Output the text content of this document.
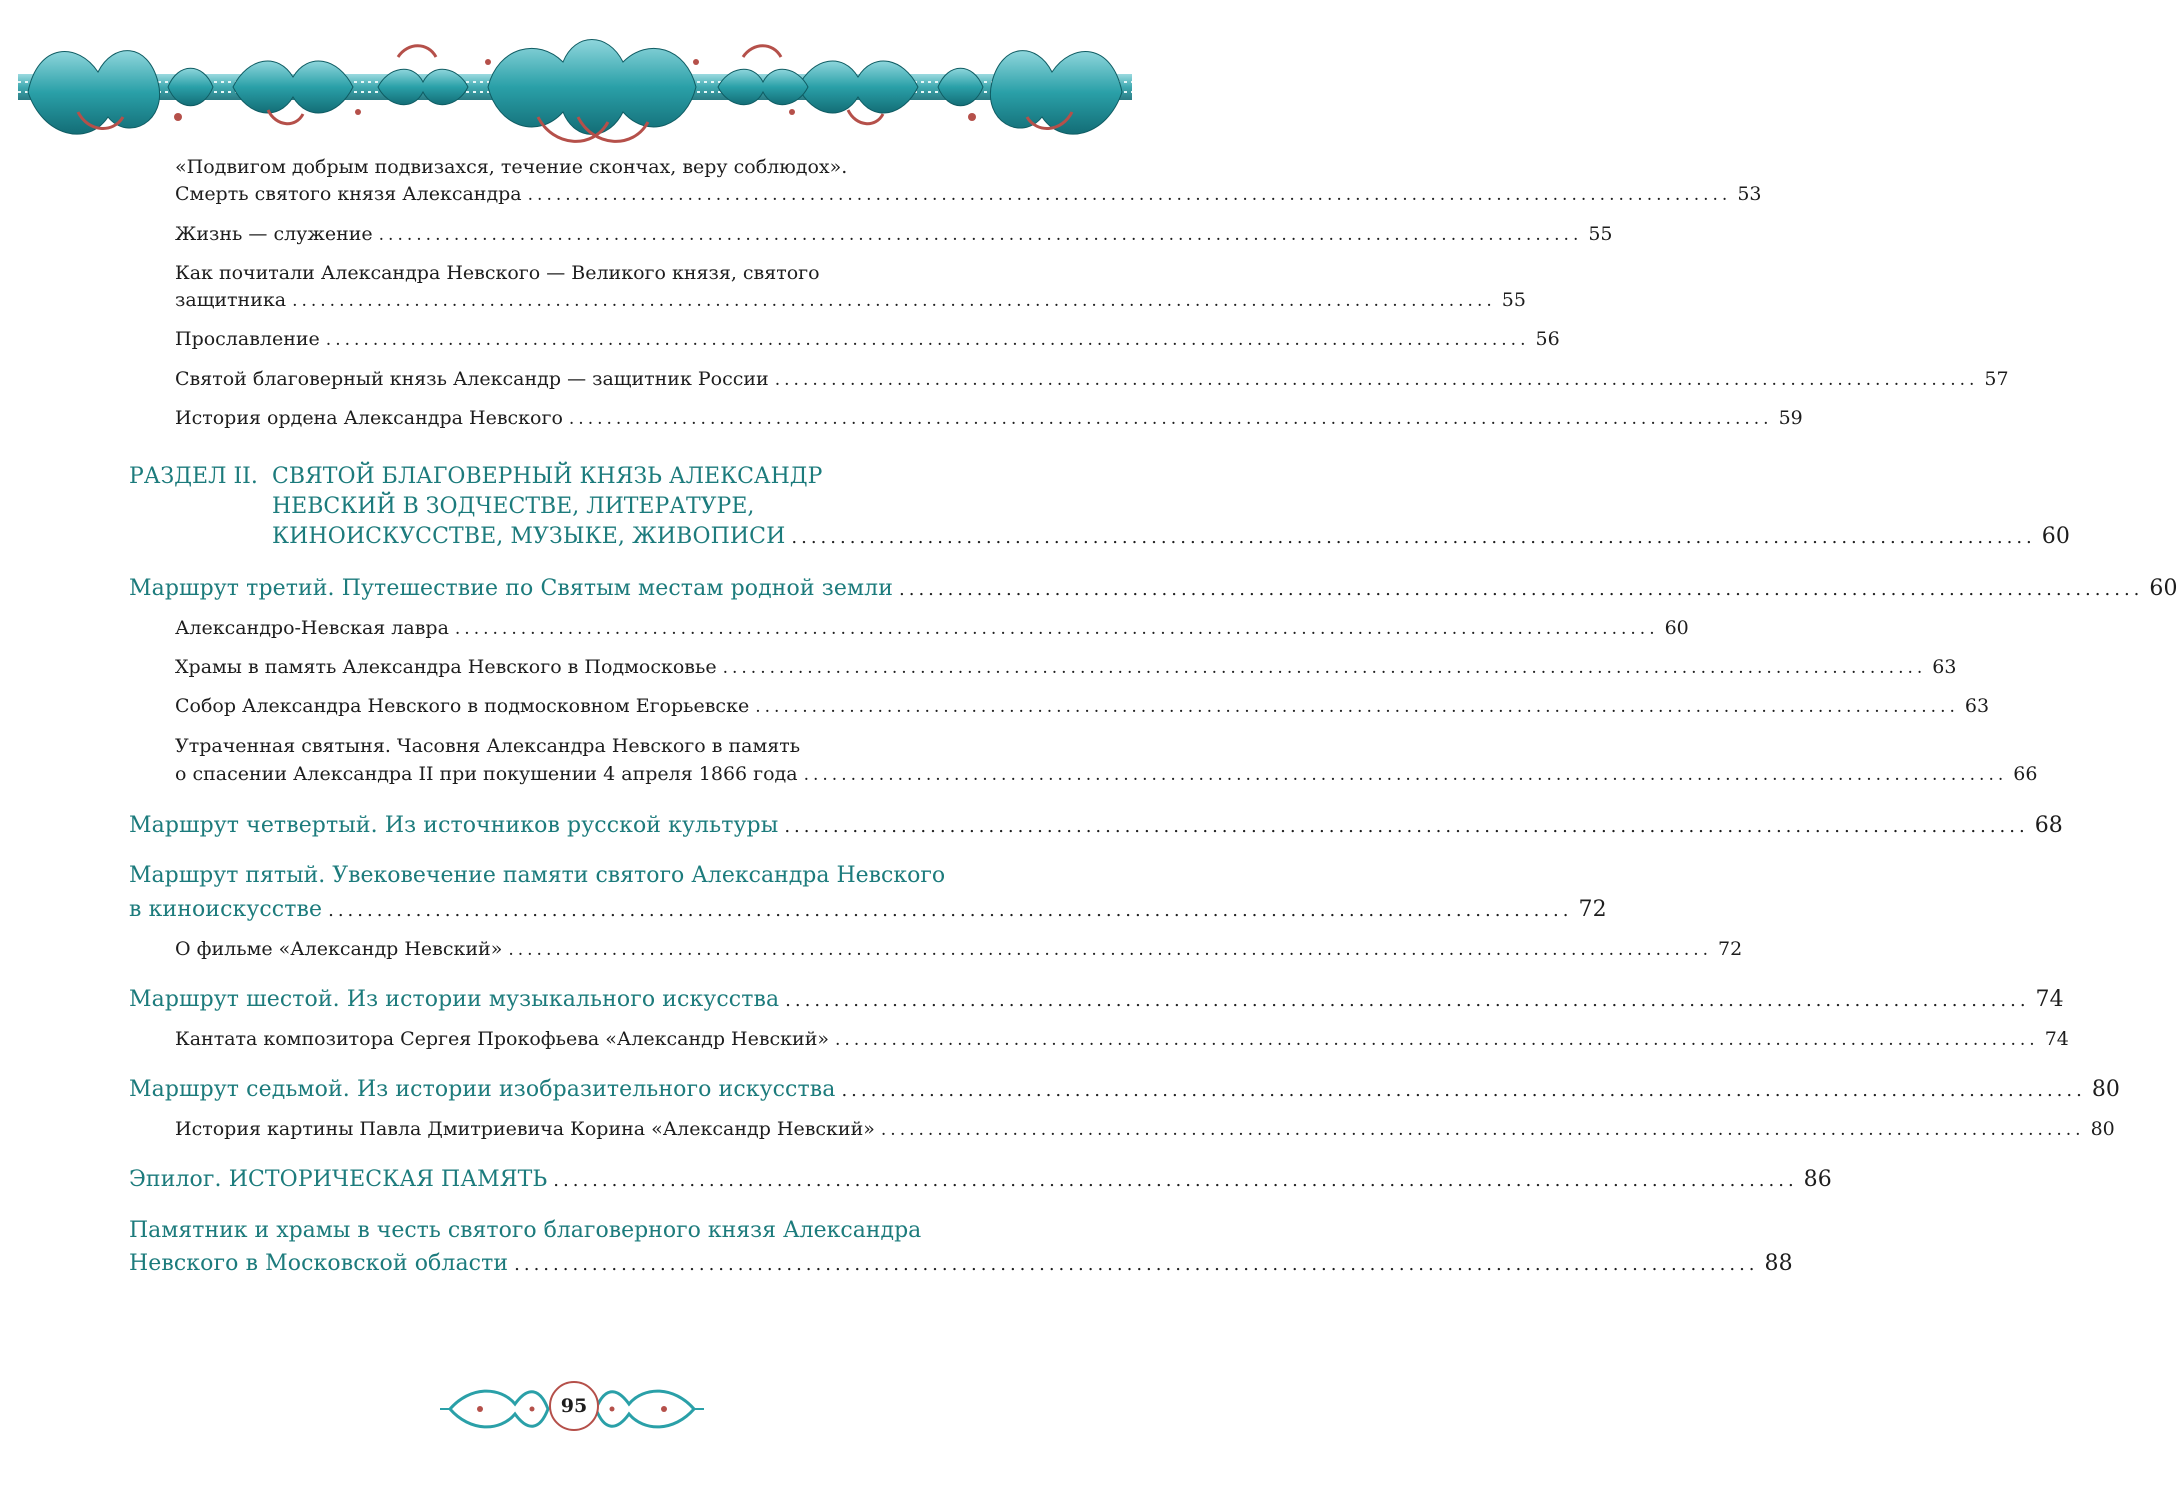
«Подвигом добрым подвизахся, течение скончах, веру соблюдох».
Смерть святого князя Александра ................................................................................................................................ 53
Жизнь — служение ................................................................................................................................ 55
Как почитали Александра Невского — Великого князя, святого
защитника ................................................................................................................................ 55
Прославление ................................................................................................................................ 56
Святой благоверный князь Александр — защитник России ................................................................................................................................ 57
История ордена Александра Невского ................................................................................................................................ 59
РАЗДЕЛ II. СВЯТОЙ БЛАГОВЕРНЫЙ КНЯЗЬ АЛЕКСАНДР
НЕВСКИЙ В ЗОДЧЕСТВЕ, ЛИТЕРАТУРЕ,
КИНОИСКУССТВЕ, МУЗЫКЕ, ЖИВОПИСИ ................................................................................................................................ 60
Маршрут третий. Путешествие по Святым местам родной земли ................................................................................................................................ 60
Александро-Невская лавра ................................................................................................................................ 60
Храмы в память Александра Невского в Подмосковье ................................................................................................................................ 63
Собор Александра Невского в подмосковном Егорьевске ................................................................................................................................ 63
Утраченная святыня. Часовня Александра Невского в память
о спасении Александра II при покушении 4 апреля 1866 года ................................................................................................................................ 66
Маршрут четвертый. Из источников русской культуры ................................................................................................................................ 68
Маршрут пятый. Увековечение памяти святого Александра Невского
в киноискусстве ................................................................................................................................ 72
О фильме «Александр Невский» ................................................................................................................................ 72
Маршрут шестой. Из истории музыкального искусства ................................................................................................................................ 74
Кантата композитора Сергея Прокофьева «Александр Невский» ................................................................................................................................ 74
Маршрут седьмой. Из истории изобразительного искусства ................................................................................................................................ 80
История картины Павла Дмитриевича Корина «Александр Невский» ................................................................................................................................ 80
Эпилог. ИСТОРИЧЕСКАЯ ПАМЯТЬ ................................................................................................................................ 86
Памятник и храмы в честь святого благоверного князя Александра
Невского в Московской области ................................................................................................................................ 88
95
